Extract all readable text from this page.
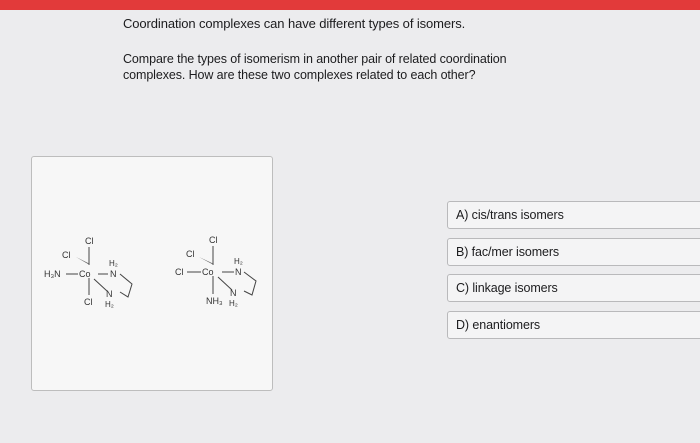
Coordination complexes can have different types of isomers.
Compare the types of isomerism in another pair of related coordination complexes. How are these two complexes related to each other?
Cl
Cl
H₃N Co N
H₂
Cl
N
H₂
Cl
Cl
Cl Co N
H₂
NH₃
N
H₂
A) cis/trans isomers
B) fac/mer isomers
C) linkage isomers
D) enantiomers
